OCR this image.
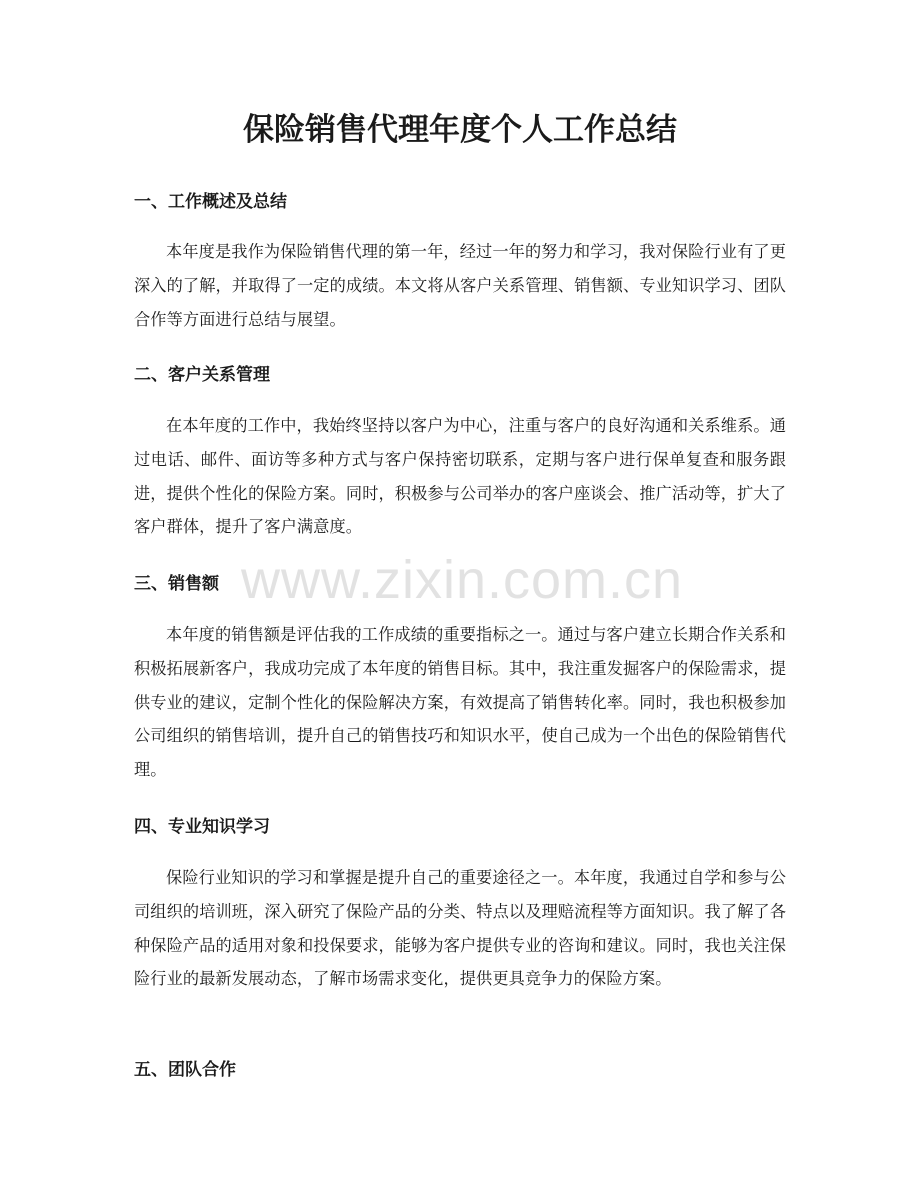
保险销售代理年度个人工作总结
一、工作概述及总结

本年度是我作为保险销售代理的第一年，经过一年的努力和学习，我对保险行业有了更深入的了解，并取得了一定的成绩。本文将从客户关系管理、销售额、专业知识学习、团队合作等方面进行总结与展望。

二、客户关系管理

在本年度的工作中，我始终坚持以客户为中心，注重与客户的良好沟通和关系维系。通过电话、邮件、面访等多种方式与客户保持密切联系，定期与客户进行保单复查和服务跟进，提供个性化的保险方案。同时，积极参与公司举办的客户座谈会、推广活动等，扩大了客户群体，提升了客户满意度。

三、销售额

本年度的销售额是评估我的工作成绩的重要指标之一。通过与客户建立长期合作关系和积极拓展新客户，我成功完成了本年度的销售目标。其中，我注重发掘客户的保险需求，提供专业的建议，定制个性化的保险解决方案，有效提高了销售转化率。同时，我也积极参加公司组织的销售培训，提升自己的销售技巧和知识水平，使自己成为一个出色的保险销售代理。

四、专业知识学习

保险行业知识的学习和掌握是提升自己的重要途径之一。本年度，我通过自学和参与公司组织的培训班，深入研究了保险产品的分类、特点以及理赔流程等方面知识。我了解了各种保险产品的适用对象和投保要求，能够为客户提供专业的咨询和建议。同时，我也关注保险行业的最新发展动态，了解市场需求变化，提供更具竞争力的保险方案。

五、团队合作
www.zixin.com.cn
